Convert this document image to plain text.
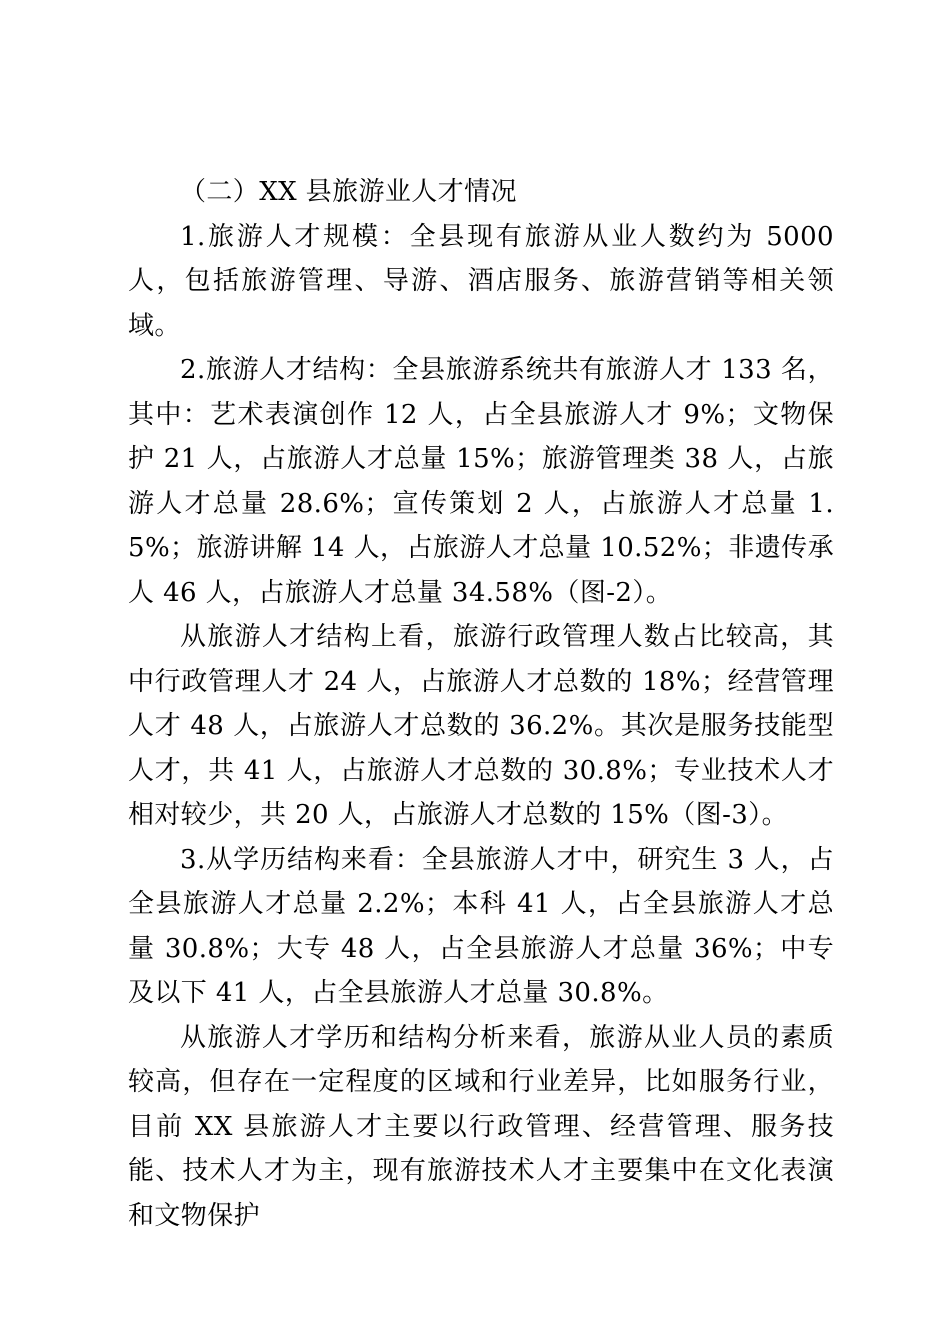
（二）XX 县旅游业人才情况

1.旅游人才规模：全县现有旅游从业人数约为 5000 人，包括旅游管理、导游、酒店服务、旅游营销等相关领域。

2.旅游人才结构：全县旅游系统共有旅游人才 133 名， 其中：艺术表演创作 12 人，占全县旅游人才 9%；文物保护 21 人，占旅游人才总量 15%；旅游管理类 38 人，占旅游人才总量 28.6%；宣传策划 2 人，占旅游人才总量 1.5%；旅游讲解 14 人，占旅游人才总量 10.52%；非遗传承人 46 人，占旅游人才总量 34.58%（图-2）。

从旅游人才结构上看，旅游行政管理人数占比较高，其中行政管理人才 24 人，占旅游人才总数的 18%；经营管理人才 48 人，占旅游人才总数的 36.2%。其次是服务技能型人才，共 41 人，占旅游人才总数的 30.8%；专业技术人才相对较少，共 20 人，占旅游人才总数的 15%（图-3）。

3.从学历结构来看：全县旅游人才中，研究生 3 人，占全县旅游人才总量 2.2%；本科 41 人，占全县旅游人才总量 30.8%；大专 48 人，占全县旅游人才总量 36%；中专及以下 41 人，占全县旅游人才总量 30.8%。

从旅游人才学历和结构分析来看，旅游从业人员的素质较高，但存在一定程度的区域和行业差异，比如服务行业，目前 XX 县旅游人才主要以行政管理、经营管理、服务技能、技术人才为主，现有旅游技术人才主要集中在文化表演和文物保护
